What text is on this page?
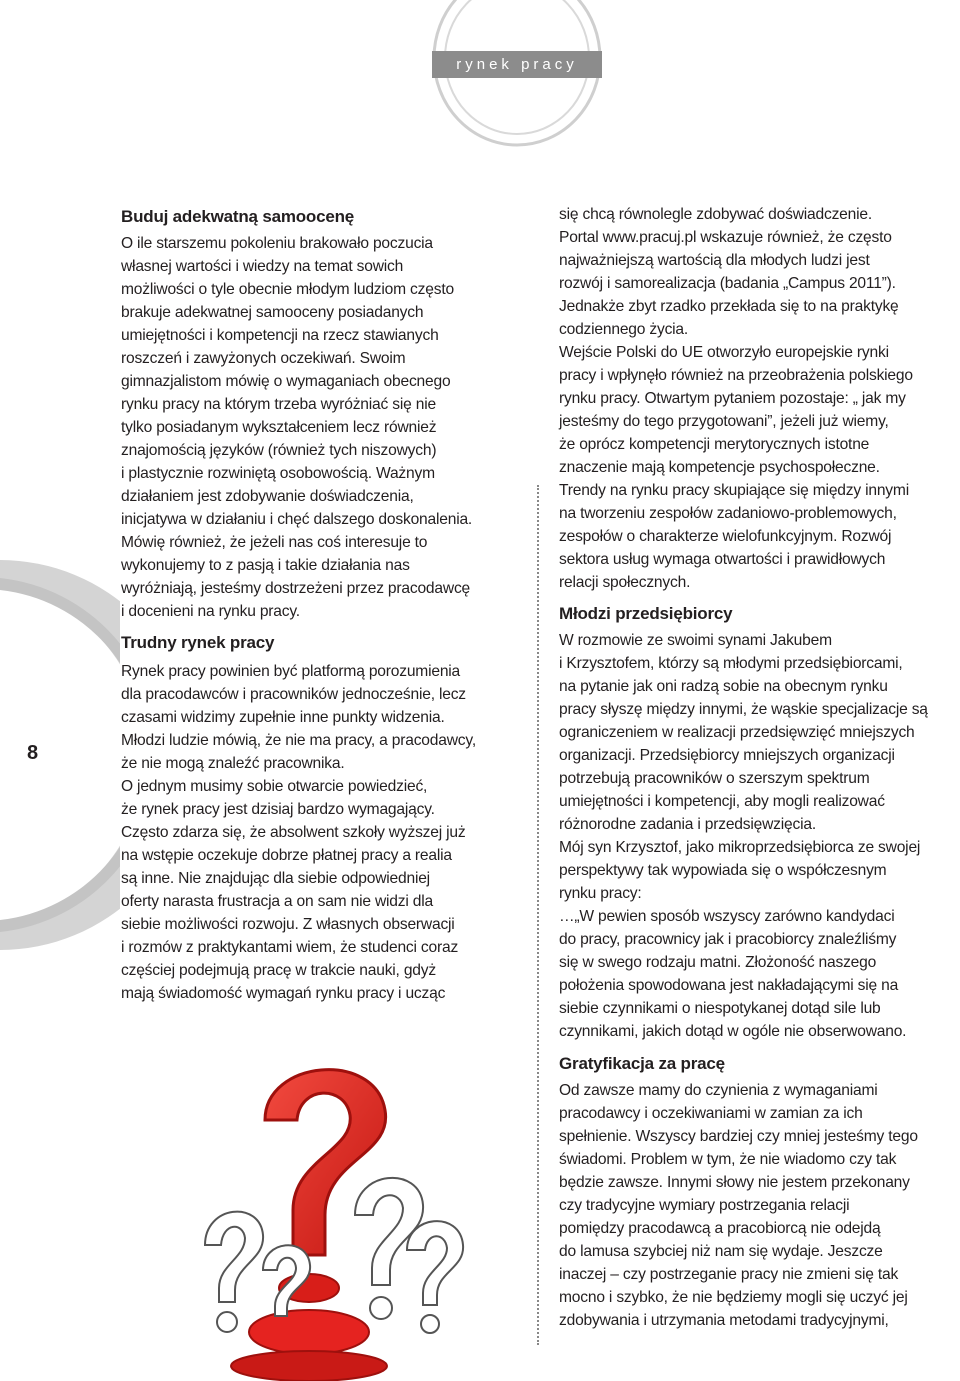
rynek pracy
8
Buduj adekwatną samoocenę

O ile starszemu pokoleniu brakowało poczucia

własnej wartości i wiedzy na temat sowich

możliwości o tyle obecnie młodym ludziom często

brakuje adekwatnej samooceny posiadanych

umiejętności i kompetencji na rzecz stawianych

roszczeń i zawyżonych oczekiwań. Swoim

gimnazjalistom mówię o wymaganiach obecnego

rynku pracy na którym trzeba wyróżniać się nie

tylko posiadanym wykształceniem lecz również

znajomością języków (również tych niszowych)

i plastycznie rozwiniętą osobowością. Ważnym

działaniem jest zdobywanie doświadczenia,

inicjatywa w działaniu i chęć dalszego doskonalenia.

Mówię również, że jeżeli nas coś interesuje to

wykonujemy to z pasją i takie działania nas

wyróżniają, jesteśmy dostrzeżeni przez pracodawcę

i docenieni na rynku pracy.

Trudny rynek pracy

Rynek pracy powinien być platformą porozumienia

dla pracodawców i pracowników jednocześnie, lecz

czasami widzimy zupełnie inne punkty widzenia.

Młodzi ludzie mówią, że nie ma pracy, a pracodawcy,

że nie mogą znaleźć pracownika.

O jednym musimy sobie otwarcie powiedzieć,

że rynek pracy jest dzisiaj bardzo wymagający.

Często zdarza się, że absolwent szkoły wyższej już

na wstępie oczekuje dobrze płatnej pracy a realia

są inne. Nie znajdując dla siebie odpowiedniej

oferty narasta frustracja a on sam nie widzi dla

siebie możliwości rozwoju. Z własnych obserwacji

i rozmów z praktykantami wiem, że studenci coraz

częściej podejmują pracę w trakcie nauki, gdyż

mają świadomość wymagań rynku pracy i ucząc

się chcą równolegle zdobywać doświadczenie.

Portal www.pracuj.pl wskazuje również, że często

najważniejszą wartością dla młodych ludzi jest

rozwój i samorealizacja (badania „Campus 2011”).

Jednakże zbyt rzadko przekłada się to na praktykę

codziennego życia.

Wejście Polski do UE otworzyło europejskie rynki

pracy i wpłynęło również na przeobrażenia polskiego

rynku pracy. Otwartym pytaniem pozostaje: „ jak my

jesteśmy do tego przygotowani”, jeżeli już wiemy,

że oprócz kompetencji merytorycznych istotne

znaczenie mają kompetencje psychospołeczne.

Trendy na rynku pracy skupiające się między innymi

na tworzeniu zespołów zadaniowo-problemowych,

zespołów o charakterze wielofunkcyjnym. Rozwój

sektora usług wymaga otwartości i prawidłowych

relacji społecznych.

Młodzi przedsiębiorcy

W rozmowie ze swoimi synami Jakubem

i Krzysztofem, którzy są młodymi przedsiębiorcami,

na pytanie jak oni radzą sobie na obecnym rynku

pracy słyszę między innymi, że wąskie specjalizacje są

ograniczeniem w realizacji przedsięwzięć mniejszych

organizacji. Przedsiębiorcy mniejszych organizacji

potrzebują pracowników o szerszym spektrum

umiejętności i kompetencji, aby mogli realizować

różnorodne zadania i przedsięwzięcia.

Mój syn Krzysztof, jako mikroprzedsiębiorca ze swojej

perspektywy tak wypowiada się o współczesnym

rynku pracy:

…„W pewien sposób wszyscy zarówno kandydaci

do pracy, pracownicy jak i pracobiorcy znaleźliśmy

się w swego rodzaju matni. Złożoność naszego

położenia spowodowana jest nakładającymi się na

siebie czynnikami o niespotykanej dotąd sile lub

czynnikami, jakich dotąd w ogóle nie obserwowano.

Gratyfikacja za pracę

Od zawsze mamy do czynienia z wymaganiami

pracodawcy i oczekiwaniami w zamian za ich

spełnienie. Wszyscy bardziej czy mniej jesteśmy tego

świadomi. Problem w tym, że nie wiadomo czy tak

będzie zawsze. Innymi słowy nie jestem przekonany

czy tradycyjne wymiary postrzegania relacji

pomiędzy pracodawcą a pracobiorcą nie odejdą

do lamusa szybciej niż nam się wydaje. Jeszcze

inaczej – czy postrzeganie pracy nie zmieni się tak

mocno i szybko, że nie będziemy mogli się uczyć jej

zdobywania i utrzymania metodami tradycyjnymi,
